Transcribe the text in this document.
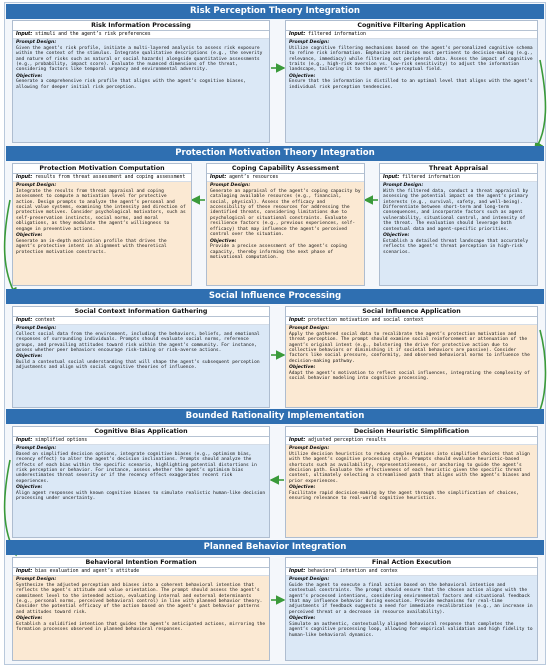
Risk Perception Theory Integration
Risk Information Processing
Input: stimuli and the agent’s risk preferences
Prompt Design:
Given the agent’s risk profile, initiate a multi-layered analysis to assess risk exposure within the context of the stimulus. Integrate qualitative descriptions (e.g., the severity and nature of risks such as natural or social hazards) alongside quantitative assessments (e.g., probability, impact score). Evaluate the nuanced dimensions of the threat, considering factors like temporal urgency and environmental adversity.
Objective:
Generate a comprehensive risk profile that aligns with the agent’s cognitive biases, allowing for deeper initial risk perception.
Cognitive Filtering Application
Input: filtered information
Prompt Design:
Utilize cognitive filtering mechanisms based on the agent’s personalized cognitive schema to refine risk information. Emphasize attributes most pertinent to decision-making (e.g., relevance, immediacy) while filtering out peripheral data. Assess the impact of cognitive traits (e.g., high-risk aversion vs. low-risk sensitivity) to adjust the information landscape, tailoring it to the agent’s perceptual field.
Objective:
Ensure that the information is distilled to an optimal level that aligns with the agent’s individual risk perception tendencies.
Protection Motivation Theory Integration
Protection Motivation Computation
Input: results from threat assessment and coping assessment
Prompt Design:
Integrate the results from threat appraisal and coping assessment to compute a motivation level for protective action. Design prompts to analyze the agent’s personal and social value systems, examining the intensity and direction of protective motives. Consider psychological motivators, such as self-preservation instincts, social norms, and moral obligations, as they modulate the agent’s willingness to engage in preventive actions.
Objective:
Generate an in-depth motivation profile that drives the agent’s protective intent in alignment with theoretical protection motivation constructs.
Coping Capability Assessment
Input: agent’s resources
Prompt Design:
Generate an appraisal of the agent’s coping capacity by cataloging available resources (e.g., financial, social, physical). Assess the efficacy and accessibility of these resources for addressing the identified threats, considering limitations due to psychological or situational constraints. Evaluate resilience factors (e.g., previous experiences, self-efficacy) that may influence the agent’s perceived control over the situation.
Objective:
Provide a precise assessment of the agent’s coping capacity, thereby informing the next phase of motivational computation.
Threat Appraisal
Input: filtered information
Prompt Design:
With the filtered data, conduct a threat appraisal by assessing the potential impact on the agent’s primary interests (e.g., survival, safety, and well-being). Differentiate between short-term and long-term consequences, and incorporate factors such as agent vulnerability, situational control, and intensity of the threat. The evaluation should leverage both contextual data and agent-specific priorities.
Objective:
Establish a detailed threat landscape that accurately reflects the agent’s threat perception in high-risk scenarios.
Social Influence Processing
Social Context Information Gathering
Input: context
Prompt Design:
Collect social data from the environment, including the behaviors, beliefs, and emotional responses of surrounding individuals. Prompts should evaluate social norms, reference groups, and prevailing attitudes toward risk within the agent’s community. For instance, assess whether peer behaviors encourage risk-taking or risk-averse actions.
Objective:
Build a contextual social understanding that will shape the agent’s subsequent perception adjustments and align with social cognitive theories of influence.
Social Influence Application
Input: protection motivation and social context
Prompt Design:
Apply the gathered social data to recalibrate the agent’s protection motivation and threat perception. The prompt should examine social reinforcement or attenuation of the agent’s original intent (e.g., bolstering the drive for protective action due to collective behaviors or diminishing it if societal behaviors are passive). Consider factors like social pressure, conformity, and observed behavioral norms to influence the decision-making pathway.
Objective:
Adapt the agent’s motivation to reflect social influences, integrating the complexity of social behavior modeling into cognitive processing.
Bounded Rationality Implementation
Cognitive Bias Application
Input: simplified options
Prompt Design:
Based on simplified decision options, integrate cognitive biases (e.g., optimism bias, recency effect) to alter the agent’s decision inclinations. Prompts should analyze the effects of each bias within the specific scenario, highlighting potential distortions in risk perception or behavior. For instance, assess whether the agent’s optimism bias underestimates threat severity or if the recency effect exaggerates recent risk experiences.
Objective:
Align agent responses with known cognitive biases to simulate realistic human-like decision processing under uncertainty.
Decision Heuristic Simplification
Input: adjusted perception results
Prompt Design:
Utilize decision heuristics to reduce complex options into simplified choices that align with the agent’s cognitive processing style. Prompts should evaluate heuristic-based shortcuts such as availability, representativeness, or anchoring to guide the agent’s decision path. Evaluate the effectiveness of each heuristic given the specific threat context, ultimately selecting a streamlined path that aligns with the agent’s biases and prior experiences.
Objective:
Facilitate rapid decision-making by the agent through the simplification of choices, ensuring relevance to real-world cognitive heuristics.
Planned Behavior Integration
Behavioral Intention Formation
Input: bias evaluation and agent’s attitude
Prompt Design:
Synthesize the adjusted perception and biases into a coherent behavioral intention that reflects the agent’s attitude and value orientation. The prompt should assess the agent’s commitment level to the intended action, evaluating internal and external determinants (e.g., personal norms, perceived behavioral control) in line with planned behavior theory. Consider the potential efficacy of the action based on the agent’s past behavior patterns and attitudes toward risk.
Objective:
Establish a solidified intention that guides the agent’s anticipated actions, mirroring the formation processes observed in planned behavioral responses.
Final Action Execution
Input: behavioral intention and contex
Prompt Design:
Guide the agent to execute a final action based on the behavioral intention and contextual constraints. The prompt should ensure that the chosen action aligns with the agent’s processed intentions, considering environmental factors and situational feedback that may influence behavior during execution. Provide mechanisms for real-time adjustments if feedback suggests a need for immediate recalibration (e.g., an increase in perceived threat or a decrease in resource availability).
Objective:
Simulate an authentic, contextually aligned behavioral response that completes the agent’s cognitive processing loop, allowing for empirical validation and high fidelity to human-like behavioral dynamics.
